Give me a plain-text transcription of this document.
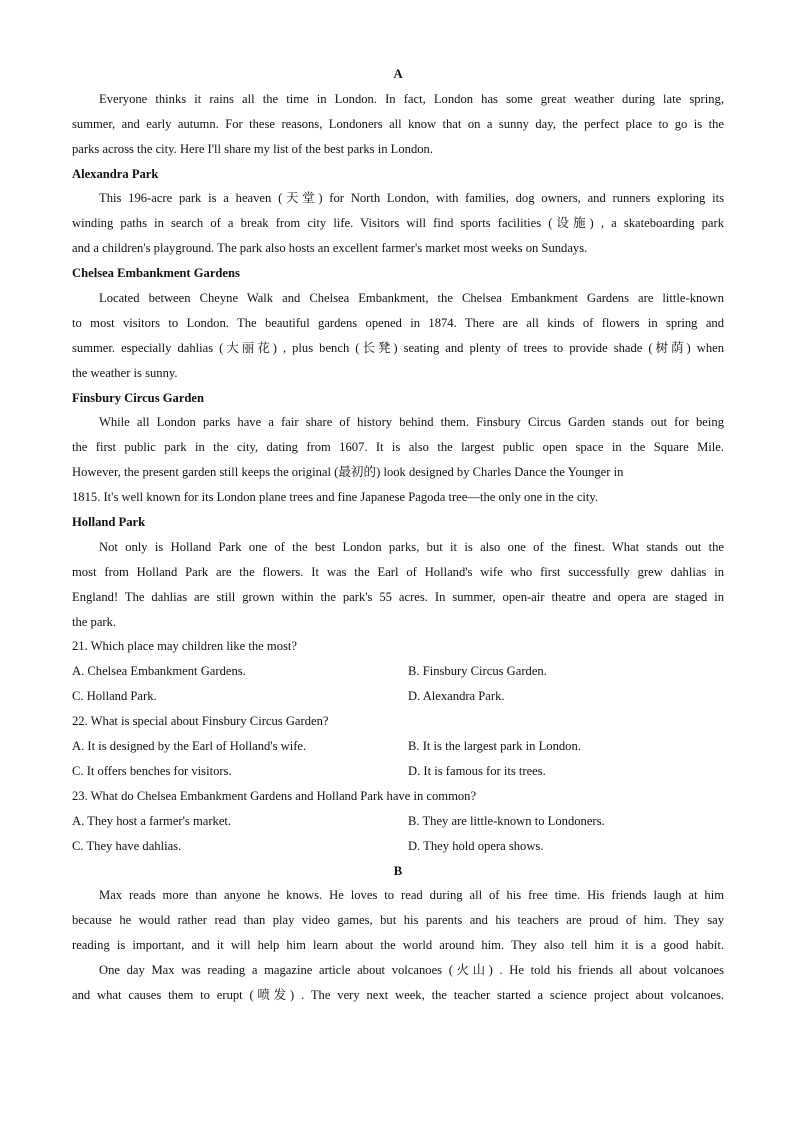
A
Everyone thinks it rains all the time in London. In fact, London has some great weather during late spring,
summer, and early autumn. For these reasons, Londoners all know that on a sunny day, the perfect place to go is the
parks across the city. Here I'll share my list of the best parks in London.
Alexandra Park
This 196-acre park is a heaven (天堂) for North London, with families, dog owners, and runners exploring its
winding paths in search of a break from city life. Visitors will find sports facilities (设施) , a skateboarding park
and a children's playground. The park also hosts an excellent farmer's market most weeks on Sundays.
Chelsea Embankment Gardens
Located between Cheyne Walk and Chelsea Embankment, the Chelsea Embankment Gardens are little-known
to most visitors to London. The beautiful gardens opened in 1874. There are all kinds of flowers in spring and
summer. especially dahlias (大丽花) , plus bench (长凳) seating and plenty of trees to provide shade (树荫) when
the weather is sunny.
Finsbury Circus Garden
While all London parks have a fair share of history behind them. Finsbury Circus Garden stands out for being
the first public park in the city, dating from 1607. It is also the largest public open space in the Square Mile.
However, the present garden still keeps the original (最初的) look designed by Charles Dance the Younger in
1815. It's well known for its London plane trees and fine Japanese Pagoda tree—the only one in the city.
Holland Park
Not only is Holland Park one of the best London parks, but it is also one of the finest. What stands out the
most from Holland Park are the flowers. It was the Earl of Holland's wife who first successfully grew dahlias in
England! The dahlias are still grown within the park's 55 acres. In summer, open-air theatre and opera are staged in
the park.
21. Which place may children like the most?
A. Chelsea Embankment Gardens.	B. Finsbury Circus Garden.
C. Holland Park.	D. Alexandra Park.
22. What is special about Finsbury Circus Garden?
A. It is designed by the Earl of Holland's wife.	B. It is the largest park in London.
C. It offers benches for visitors.	D. It is famous for its trees.
23. What do Chelsea Embankment Gardens and Holland Park have in common?
A. They host a farmer's market.	B. They are little-known to Londoners.
C. They have dahlias.	D. They hold opera shows.
B
Max reads more than anyone he knows. He loves to read during all of his free time. His friends laugh at him
because he would rather read than play video games, but his parents and his teachers are proud of him. They say
reading is important, and it will help him learn about the world around him. They also tell him it is a good habit.
One day Max was reading a magazine article about volcanoes (火山) . He told his friends all about volcanoes
and what causes them to erupt (喷发) . The very next week, the teacher started a science project about volcanoes.
